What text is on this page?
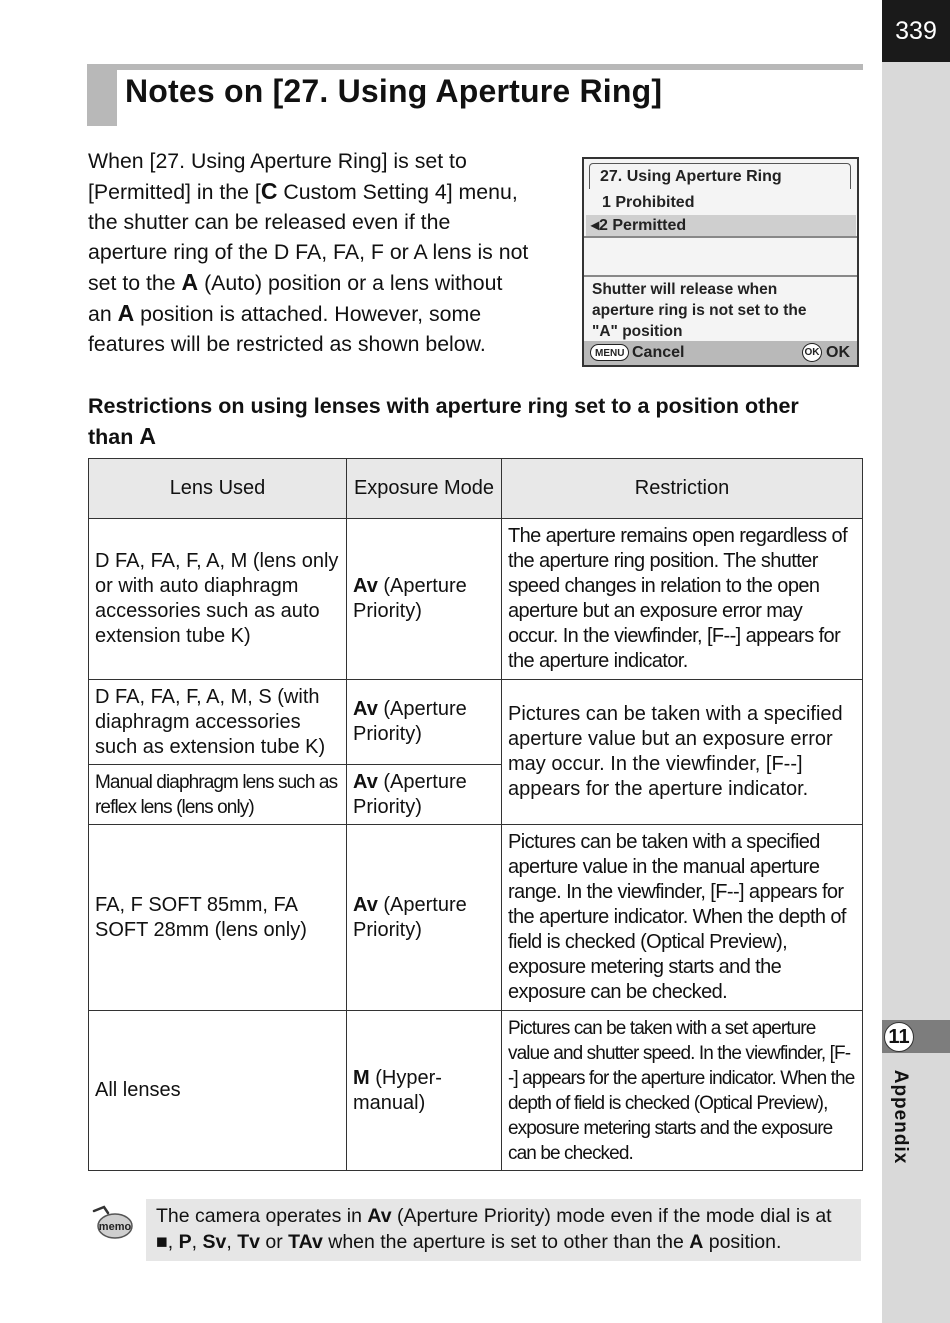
339
11
Appendix
Notes on [27. Using Aperture Ring]

When [27. Using Aperture Ring] is set to
[Permitted] in the [C Custom Setting 4] menu,
the shutter can be released even if the
aperture ring of the D FA, FA, F or A lens is not
set to the A (Auto) position or a lens without
an A position is attached. However, some
features will be restricted as shown below.

27. Using Aperture Ring
1 Prohibited
◂2 Permitted
Shutter will release when
aperture ring is not set to the
"A" position
MENU Cancel	OK OK
Restrictions on using lenses with aperture ring set to a position other
than A
Lens Used	Exposure Mode	Restriction
D FA, FA, F, A, M (lens only or with auto diaphragm accessories such as auto extension tube K)	Av (Aperture Priority)	The aperture remains open regardless of the aperture ring position. The shutter speed changes in relation to the open aperture but an exposure error may occur. In the viewfinder, [F--] appears for the aperture indicator.
D FA, FA, F, A, M, S (with diaphragm accessories such as extension tube K)	Av (Aperture Priority)	Pictures can be taken with a specified aperture value but an exposure error may occur. In the viewfinder, [F--] appears for the aperture indicator.
Manual diaphragm lens such as reflex lens (lens only)	Av (Aperture Priority)	
FA, F SOFT 85mm, FA SOFT 28mm (lens only)	Av (Aperture Priority)	Pictures can be taken with a specified aperture value in the manual aperture range. In the viewfinder, [F--] appears for the aperture indicator. When the depth of field is checked (Optical Preview), exposure metering starts and the exposure can be checked.
All lenses	M (Hyper-manual)	Pictures can be taken with a set aperture value and shutter speed. In the viewfinder, [F--] appears for the aperture indicator. When the depth of field is checked (Optical Preview), exposure metering starts and the exposure can be checked.
memo The camera operates in Av (Aperture Priority) mode even if the mode dial is at
■, P, Sv, Tv or TAv when the aperture is set to other than the A position.
